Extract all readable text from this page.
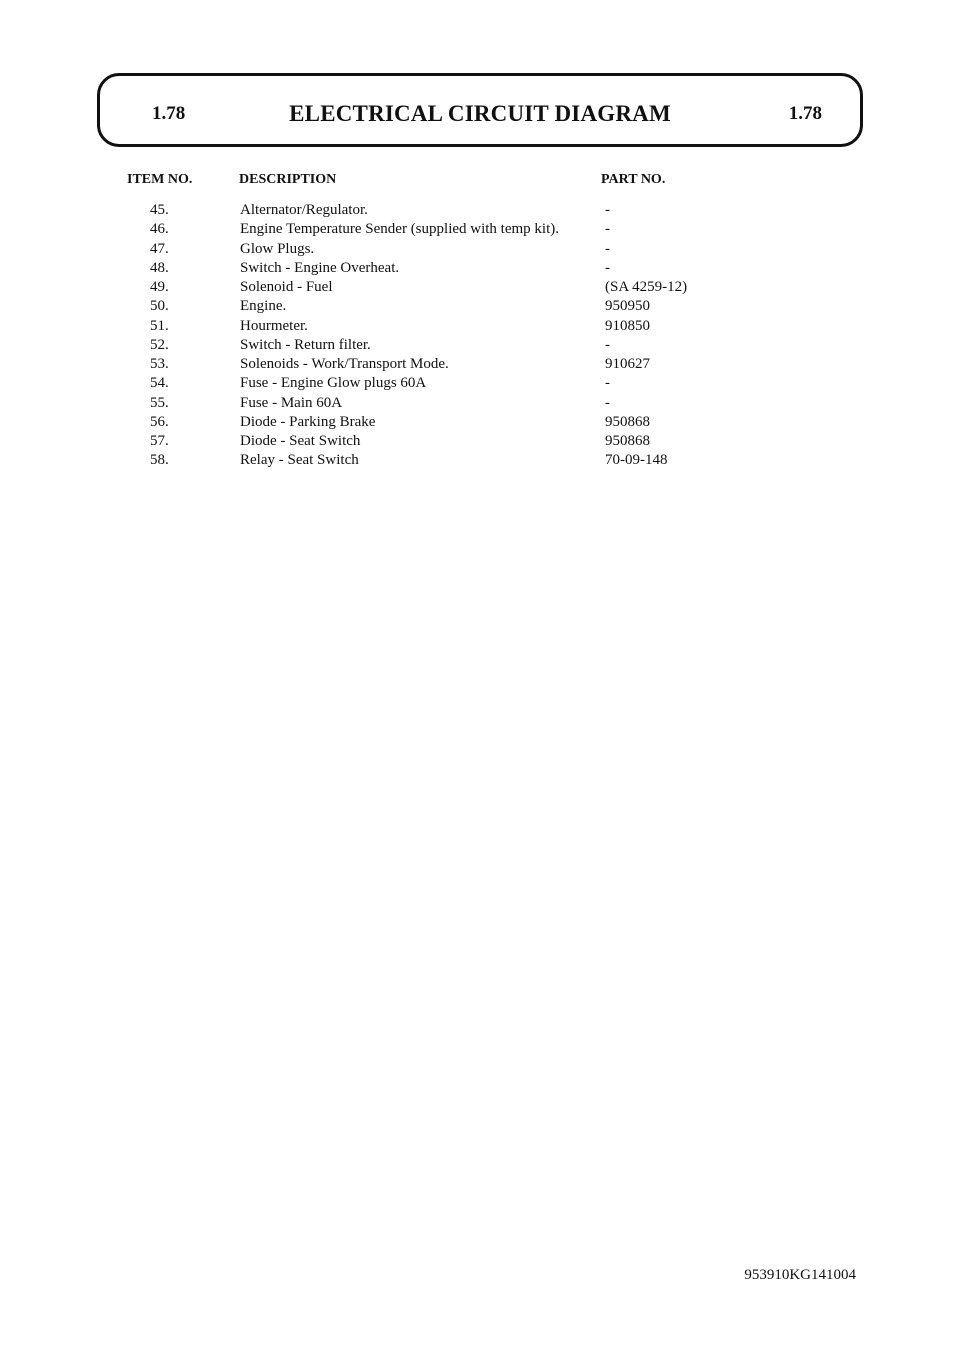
1.78	ELECTRICAL CIRCUIT DIAGRAM	1.78
ITEM NO.	DESCRIPTION	PART NO.
45.	Alternator/Regulator.	-
46.	Engine Temperature Sender (supplied with temp kit).	-
47.	Glow Plugs.	-
48.	Switch - Engine Overheat.	-
49.	Solenoid - Fuel	(SA 4259-12)
50.	Engine.	950950
51.	Hourmeter.	910850
52.	Switch - Return filter.	-
53.	Solenoids - Work/Transport Mode.	910627
54.	Fuse - Engine Glow plugs 60A	-
55.	Fuse - Main 60A	-
56.	Diode - Parking Brake	950868
57.	Diode - Seat Switch	950868
58.	Relay - Seat Switch	70-09-148
953910KG141004
